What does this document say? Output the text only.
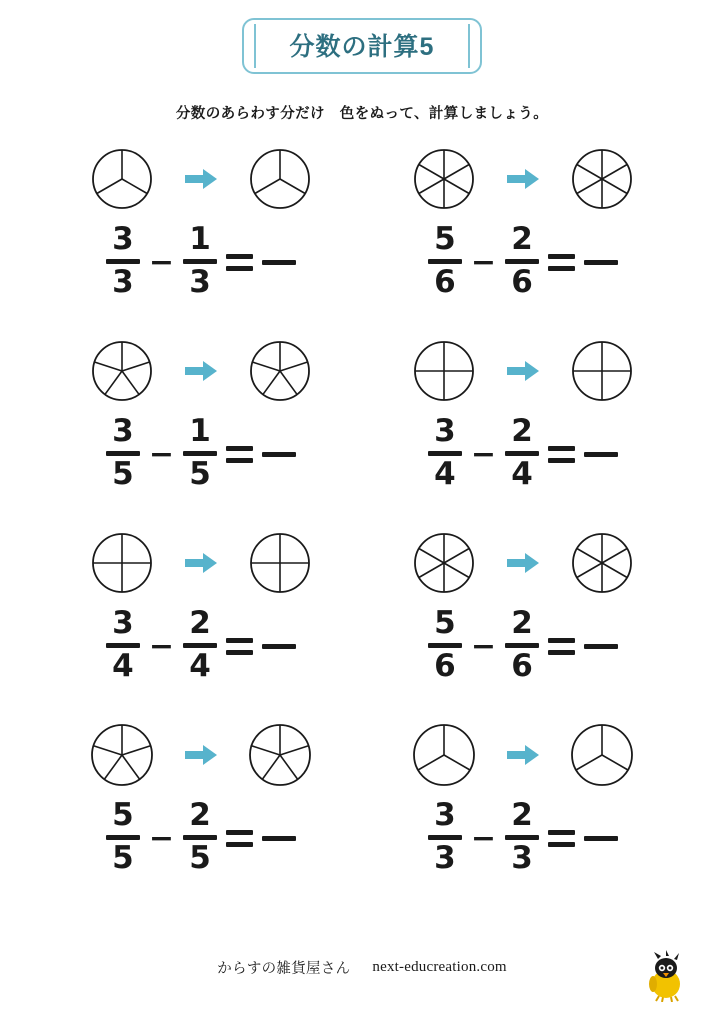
分数の計算5
分数のあらわす分だけ　色をぬって、計算しましょう。
3
3
−
1
3
5
6
−
2
6
3
5
−
1
5
3
4
−
2
4
3
4
−
2
4
5
6
−
2
6
5
5
−
2
5
3
3
−
2
3
からすの雑貨屋さん next-educreation.com
